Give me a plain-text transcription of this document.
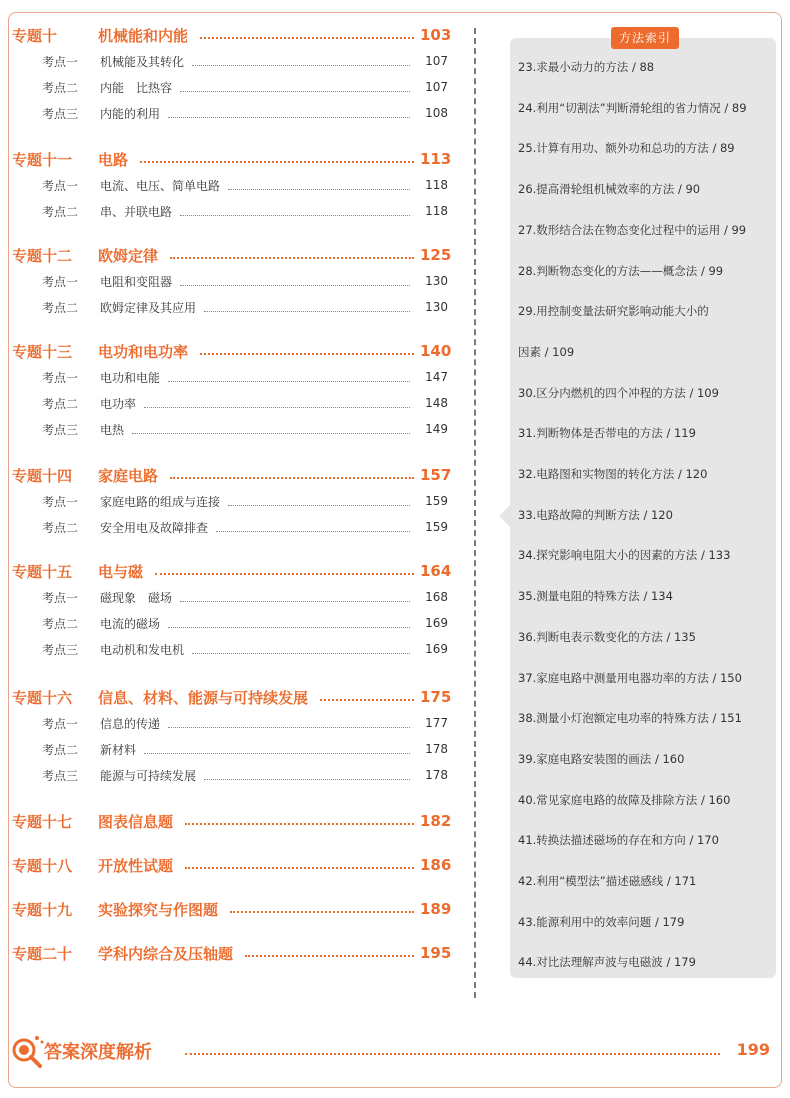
专题十	机械能和内能	103
考点一	机械能及其转化	107
考点二	内能　比热容	107
考点三	内能的利用	108
专题十一	电路	113
考点一	电流、电压、简单电路	118
考点二	串、并联电路	118
专题十二	欧姆定律	125
考点一	电阻和变阻器	130
考点二	欧姆定律及其应用	130
专题十三	电功和电功率	140
考点一	电功和电能	147
考点二	电功率	148
考点三	电热	149
专题十四	家庭电路	157
考点一	家庭电路的组成与连接	159
考点二	安全用电及故障排查	159
专题十五	电与磁	164
考点一	磁现象　磁场	168
考点二	电流的磁场	169
考点三	电动机和发电机	169
专题十六	信息、材料、能源与可持续发展	175
考点一	信息的传递	177
考点二	新材料	178
考点三	能源与可持续发展	178
专题十七	图表信息题	182
专题十八	开放性试题	186
专题十九	实验探究与作图题	189
专题二十	学科内综合及压轴题	195
方法索引
23.求最小动力的方法 / 88
24.利用“切割法”判断滑轮组的省力情况 / 89
25.计算有用功、额外功和总功的方法 / 89
26.提高滑轮组机械效率的方法 / 90
27.数形结合法在物态变化过程中的运用 / 99
28.判断物态变化的方法——概念法 / 99
29.用控制变量法研究影响动能大小的
因素 / 109
30.区分内燃机的四个冲程的方法 / 109
31.判断物体是否带电的方法 / 119
32.电路图和实物图的转化方法 / 120
33.电路故障的判断方法 / 120
34.探究影响电阻大小的因素的方法 / 133
35.测量电阻的特殊方法 / 134
36.判断电表示数变化的方法 / 135
37.家庭电路中测量用电器功率的方法 / 150
38.测量小灯泡额定电功率的特殊方法 / 151
39.家庭电路安装图的画法 / 160
40.常见家庭电路的故障及排除方法 / 160
41.转换法描述磁场的存在和方向 / 170
42.利用“模型法”描述磁感线 / 171
43.能源利用中的效率问题 / 179
44.对比法理解声波与电磁波 / 179
答案深度解析	199
